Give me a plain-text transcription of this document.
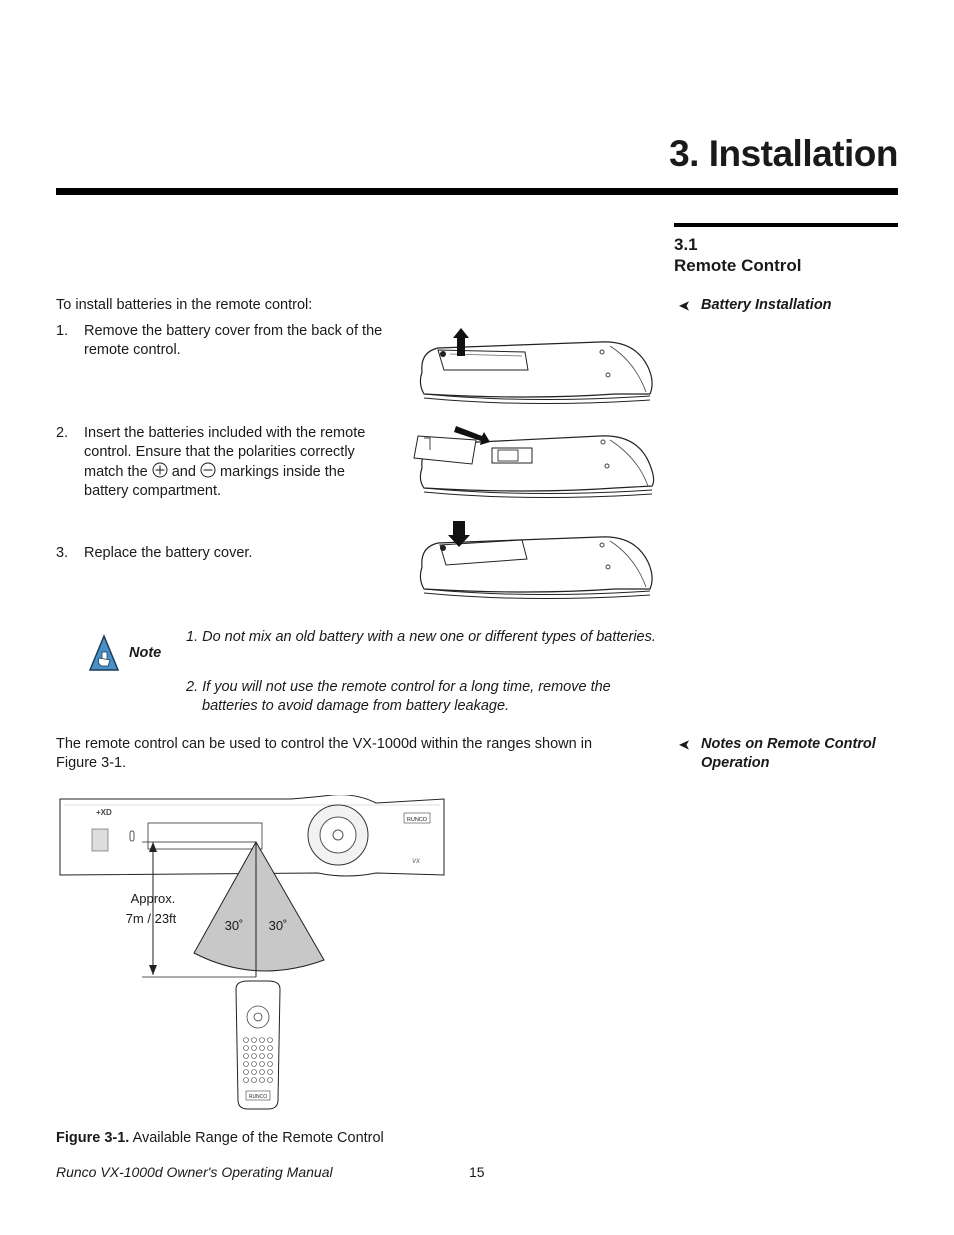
3. Installation
3.1
Remote Control
➤ Battery Installation
To install batteries in the remote control:
1.	Remove the battery cover from the back of the remote control.
2.	Insert the batteries included with the remote control. Ensure that the polarities correctly match the and markings inside the battery compartment.
3.	Replace the battery cover.
Note
1. Do not mix an old battery with a new one or different types of batteries.
2. If you will not use the remote control for a long time, remove the batteries to avoid damage from battery leakage.
➤ Notes on Remote Control Operation
The remote control can be used to control the VX-1000d within the ranges shown in Figure 3-1.
+XD
RUNCO
VX
Approx.
7m / 23ft	30˚ 30˚
RUNCO
Figure 3-1. Available Range of the Remote Control
Runco VX-1000d Owner's Operating Manual	15
